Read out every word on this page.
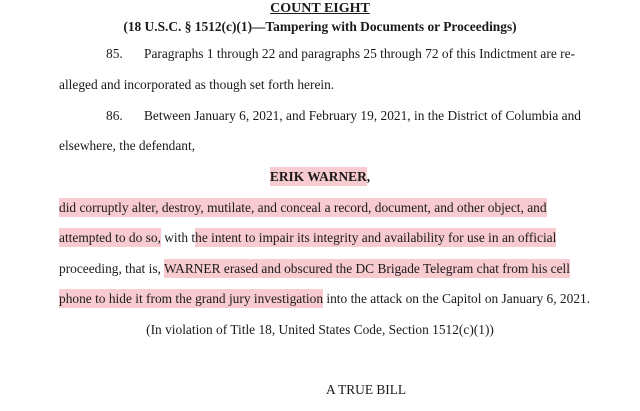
COUNT EIGHT
(18 U.S.C. § 1512(c)(1)—Tampering with Documents or Proceedings)
85. Paragraphs 1 through 22 and paragraphs 25 through 72 of this Indictment are re-
alleged and incorporated as though set forth herein.
86. Between January 6, 2021, and February 19, 2021, in the District of Columbia and
elsewhere, the defendant,
ERIK WARNER,
did corruptly alter, destroy, mutilate, and conceal a record, document, and other object, and
attempted to do so, with the intent to impair its integrity and availability for use in an official
proceeding, that is, WARNER erased and obscured the DC Brigade Telegram chat from his cell
phone to hide it from the grand jury investigation into the attack on the Capitol on January 6, 2021.
(In violation of Title 18, United States Code, Section 1512(c)(1))
A TRUE BILL
